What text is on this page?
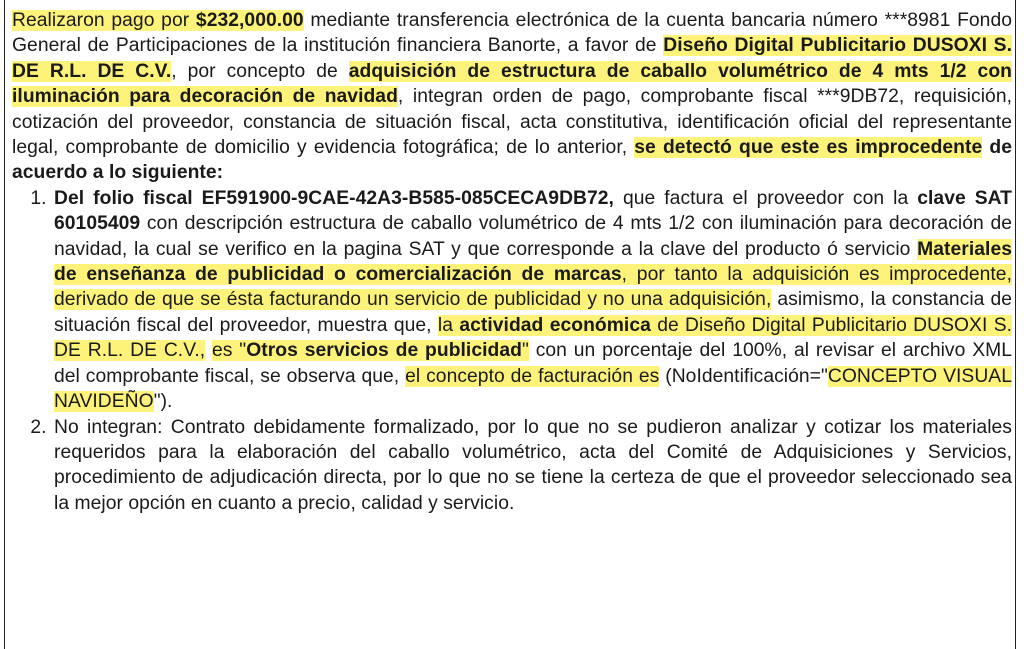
Realizaron pago por $232,000.00 mediante transferencia electrónica de la cuenta bancaria número ***8981 Fondo General de Participaciones de la institución financiera Banorte, a favor de Diseño Digital Publicitario DUSOXI S. DE R.L. DE C.V., por concepto de adquisición de estructura de caballo volumétrico de 4 mts 1/2 con iluminación para decoración de navidad, integran orden de pago, comprobante fiscal ***9DB72, requisición, cotización del proveedor, constancia de situación fiscal, acta constitutiva, identificación oficial del representante legal, comprobante de domicilio y evidencia fotográfica; de lo anterior, se detectó que este es improcedente de acuerdo a lo siguiente:

1. Del folio fiscal EF591900-9CAE-42A3-B585-085CECA9DB72, que factura el proveedor con la clave SAT 60105409 con descripción estructura de caballo volumétrico de 4 mts 1/2 con iluminación para decoración de navidad, la cual se verifico en la pagina SAT y que corresponde a la clave del producto ó servicio Materiales de enseñanza de publicidad o comercialización de marcas, por tanto la adquisición es improcedente, derivado de que se ésta facturando un servicio de publicidad y no una adquisición, asimismo, la constancia de situación fiscal del proveedor, muestra que, la actividad económica de Diseño Digital Publicitario DUSOXI S. DE R.L. DE C.V., es "Otros servicios de publicidad" con un porcentaje del 100%, al revisar el archivo XML del comprobante fiscal, se observa que, el concepto de facturación es (NoIdentificación="CONCEPTO VISUAL NAVIDEÑO").
2. No integran: Contrato debidamente formalizado, por lo que no se pudieron analizar y cotizar los materiales requeridos para la elaboración del caballo volumétrico, acta del Comité de Adquisiciones y Servicios, procedimiento de adjudicación directa, por lo que no se tiene la certeza de que el proveedor seleccionado sea la mejor opción en cuanto a precio, calidad y servicio.
